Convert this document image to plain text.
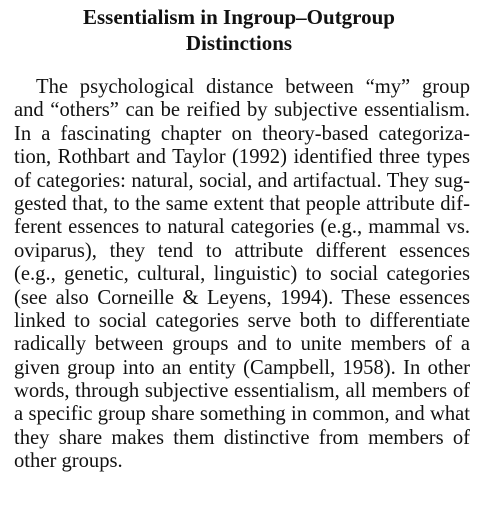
Essentialism in Ingroup–Outgroup
Distinctions

The psychological distance between “my” group
and “others” can be reified by subjective essentialism.
In a fascinating chapter on theory-based categoriza-
tion, Rothbart and Taylor (1992) identified three types
of categories: natural, social, and artifactual. They sug-
gested that, to the same extent that people attribute dif-
ferent essences to natural categories (e.g., mammal vs.
oviparus), they tend to attribute different essences
(e.g., genetic, cultural, linguistic) to social categories
(see also Corneille & Leyens, 1994). These essences
linked to social categories serve both to differentiate
radically between groups and to unite members of a
given group into an entity (Campbell, 1958). In other
words, through subjective essentialism, all members of
a specific group share something in common, and what
they share makes them distinctive from members of
other groups.
